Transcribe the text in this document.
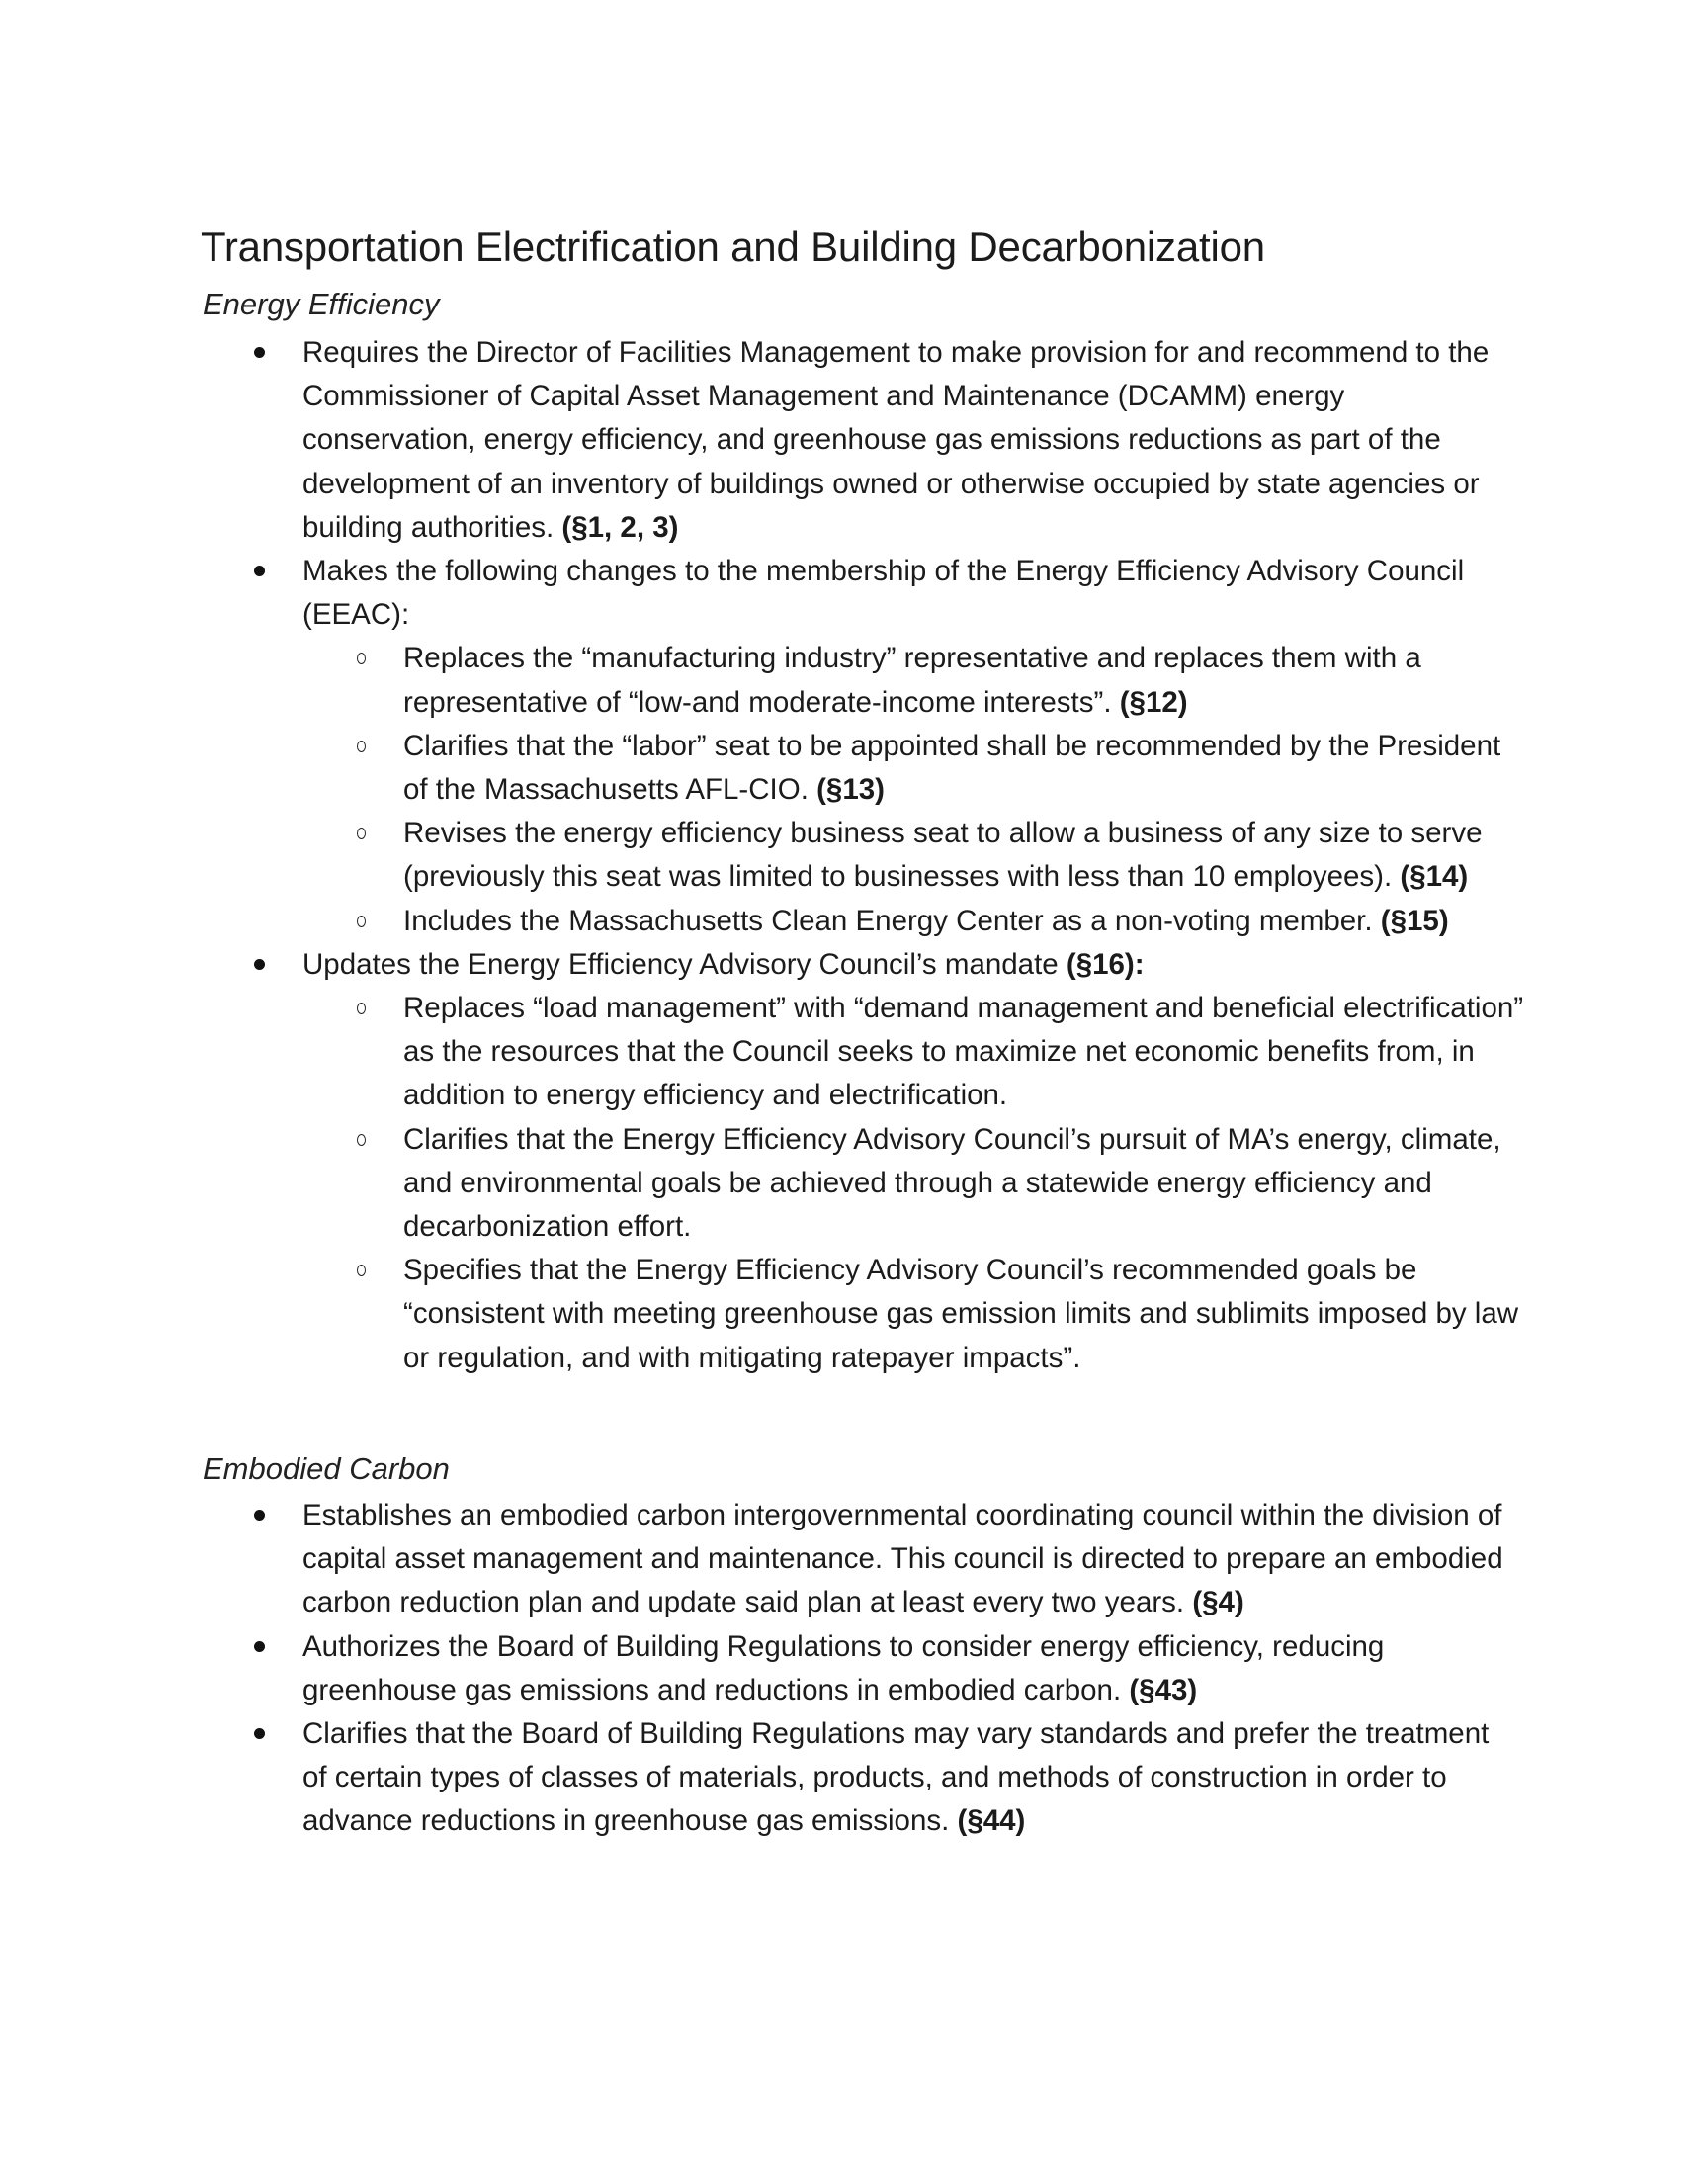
Transportation Electrification and Building Decarbonization
Energy Efficiency
Requires the Director of Facilities Management to make provision for and recommend to the Commissioner of Capital Asset Management and Maintenance (DCAMM) energy conservation, energy efficiency, and greenhouse gas emissions reductions as part of the development of an inventory of buildings owned or otherwise occupied by state agencies or building authorities. (§1, 2, 3)
Makes the following changes to the membership of the Energy Efficiency Advisory Council (EEAC):
Replaces the “manufacturing industry” representative and replaces them with a representative of “low-and moderate-income interests”. (§12)
Clarifies that the “labor” seat to be appointed shall be recommended by the President of the Massachusetts AFL-CIO. (§13)
Revises the energy efficiency business seat to allow a business of any size to serve (previously this seat was limited to businesses with less than 10 employees). (§14)
Includes the Massachusetts Clean Energy Center as a non-voting member. (§15)
Updates the Energy Efficiency Advisory Council’s mandate (§16):
Replaces “load management” with “demand management and beneficial electrification” as the resources that the Council seeks to maximize net economic benefits from, in addition to energy efficiency and electrification.
Clarifies that the Energy Efficiency Advisory Council’s pursuit of MA’s energy, climate, and environmental goals be achieved through a statewide energy efficiency and decarbonization effort.
Specifies that the Energy Efficiency Advisory Council’s recommended goals be “consistent with meeting greenhouse gas emission limits and sublimits imposed by law or regulation, and with mitigating ratepayer impacts”.
Embodied Carbon
Establishes an embodied carbon intergovernmental coordinating council within the division of capital asset management and maintenance. This council is directed to prepare an embodied carbon reduction plan and update said plan at least every two years. (§4)
Authorizes the Board of Building Regulations to consider energy efficiency, reducing greenhouse gas emissions and reductions in embodied carbon. (§43)
Clarifies that the Board of Building Regulations may vary standards and prefer the treatment of certain types of classes of materials, products, and methods of construction in order to advance reductions in greenhouse gas emissions. (§44)
